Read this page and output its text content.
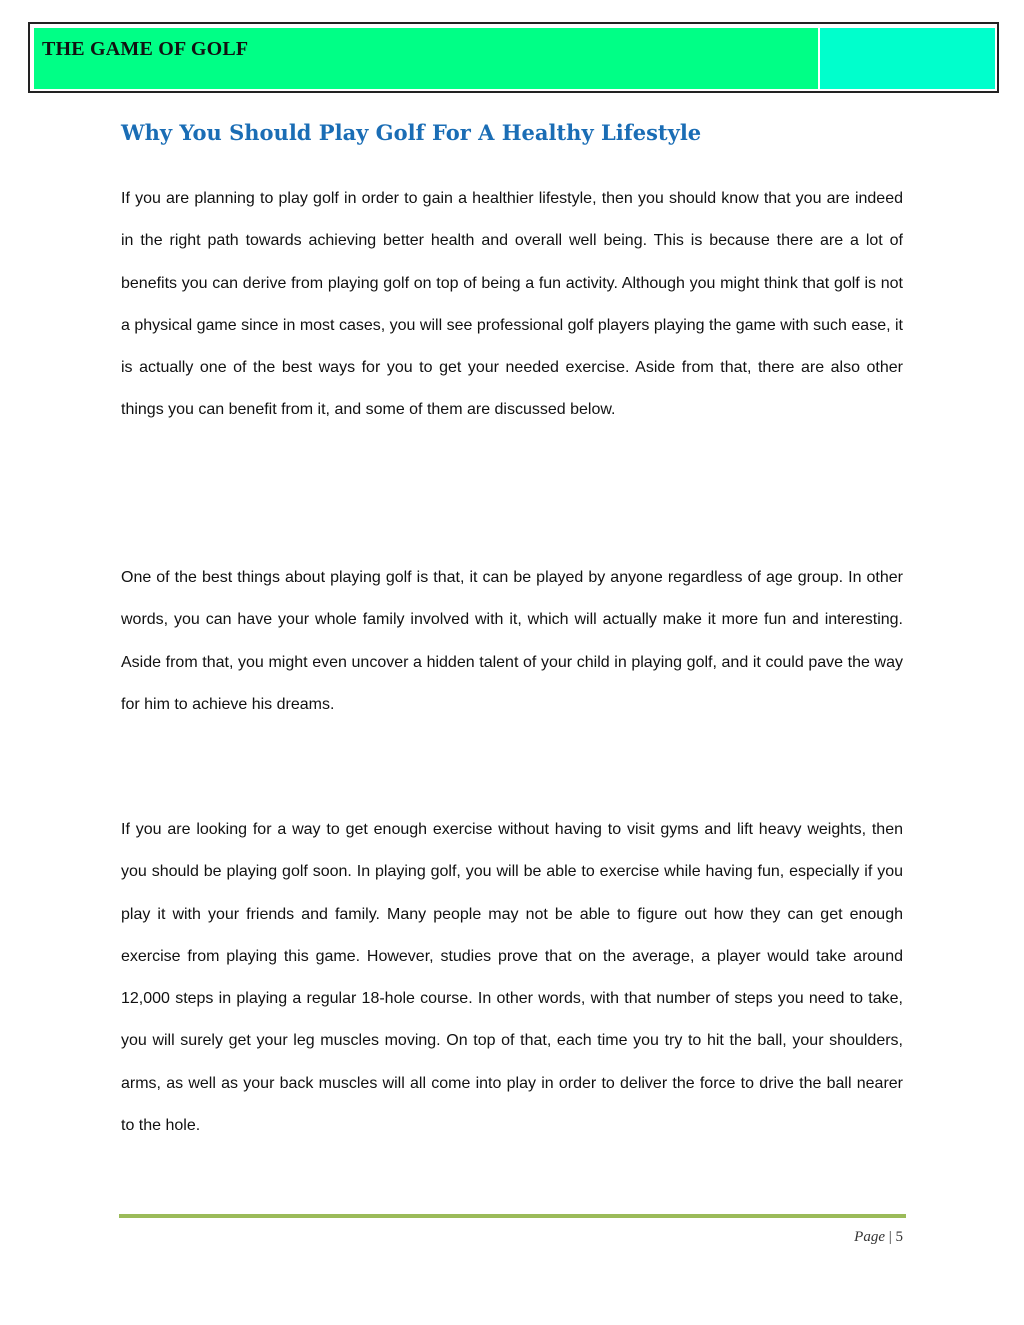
THE GAME OF GOLF
Why You Should Play Golf For A Healthy Lifestyle

If you are planning to play golf in order to gain a healthier lifestyle, then you should know that you are indeed in the right path towards achieving better health and overall well being. This is because there are a lot of benefits you can derive from playing golf on top of being a fun activity. Although you might think that golf is not a physical game since in most cases, you will see professional golf players playing the game with such ease, it is actually one of the best ways for you to get your needed exercise. Aside from that, there are also other things you can benefit from it, and some of them are discussed below.

One of the best things about playing golf is that, it can be played by anyone regardless of age group. In other words, you can have your whole family involved with it, which will actually make it more fun and interesting. Aside from that, you might even uncover a hidden talent of your child in playing golf, and it could pave the way for him to achieve his dreams.

If you are looking for a way to get enough exercise without having to visit gyms and lift heavy weights, then you should be playing golf soon. In playing golf, you will be able to exercise while having fun, especially if you play it with your friends and family. Many people may not be able to figure out how they can get enough exercise from playing this game. However, studies prove that on the average, a player would take around 12,000 steps in playing a regular 18-hole course. In other words, with that number of steps you need to take, you will surely get your leg muscles moving. On top of that, each time you try to hit the ball, your shoulders, arms, as well as your back muscles will all come into play in order to deliver the force to drive the ball nearer to the hole.

Page | 5
